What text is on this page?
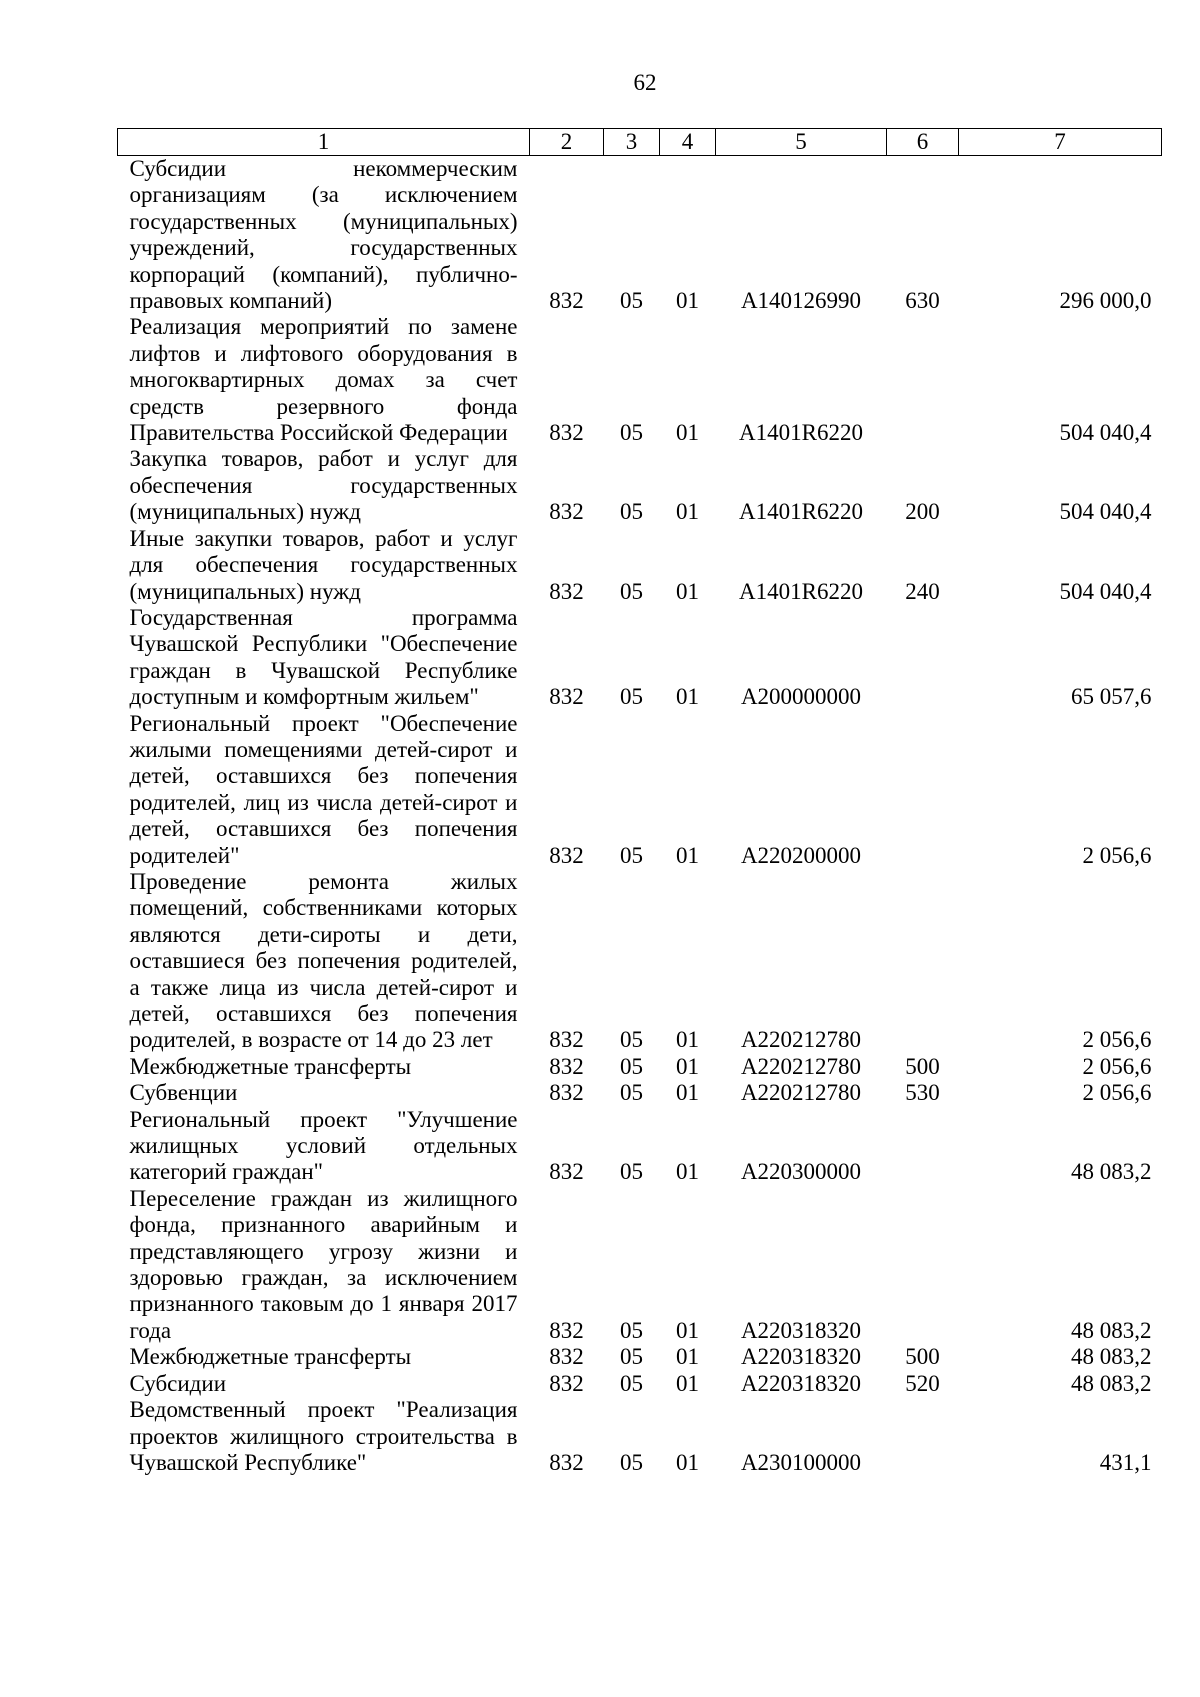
62
1	2	3	4	5	6	7
Субсидии некоммерческим организациям (за исключением государственных (муниципальных) учреждений, государственных корпораций (компаний), публично-правовых компаний)	832	05	01	А140126990	630	296 000,0
Реализация мероприятий по замене лифтов и лифтового оборудования в многоквартирных домах за счет средств резервного фонда Правительства Российской Федерации	832	05	01	А1401R6220		504 040,4
Закупка товаров, работ и услуг для обеспечения государственных (муниципальных) нужд	832	05	01	А1401R6220	200	504 040,4
Иные закупки товаров, работ и услуг для обеспечения государственных (муниципальных) нужд	832	05	01	А1401R6220	240	504 040,4
Государственная программа Чувашской Республики "Обеспечение граждан в Чувашской Республике доступным и комфортным жильем"	832	05	01	А200000000		65 057,6
Региональный проект "Обеспечение жилыми помещениями детей-сирот и детей, оставшихся без попечения родителей, лиц из числа детей-сирот и детей, оставшихся без попечения родителей"	832	05	01	А220200000		2 056,6
Проведение ремонта жилых помещений, собственниками которых являются дети-сироты и дети, оставшиеся без попечения родителей, а также лица из числа детей-сирот и детей, оставшихся без попечения родителей, в возрасте от 14 до 23 лет	832	05	01	А220212780		2 056,6
Межбюджетные трансферты	832	05	01	А220212780	500	2 056,6
Субвенции	832	05	01	А220212780	530	2 056,6
Региональный проект "Улучшение жилищных условий отдельных категорий граждан"	832	05	01	А220300000		48 083,2
Переселение граждан из жилищного фонда, признанного аварийным и представляющего угрозу жизни и здоровью граждан, за исключением признанного таковым до 1 января 2017 года	832	05	01	А220318320		48 083,2
Межбюджетные трансферты	832	05	01	А220318320	500	48 083,2
Субсидии	832	05	01	А220318320	520	48 083,2
Ведомственный проект "Реализация проектов жилищного строительства в Чувашской Республике"	832	05	01	А230100000		431,1
